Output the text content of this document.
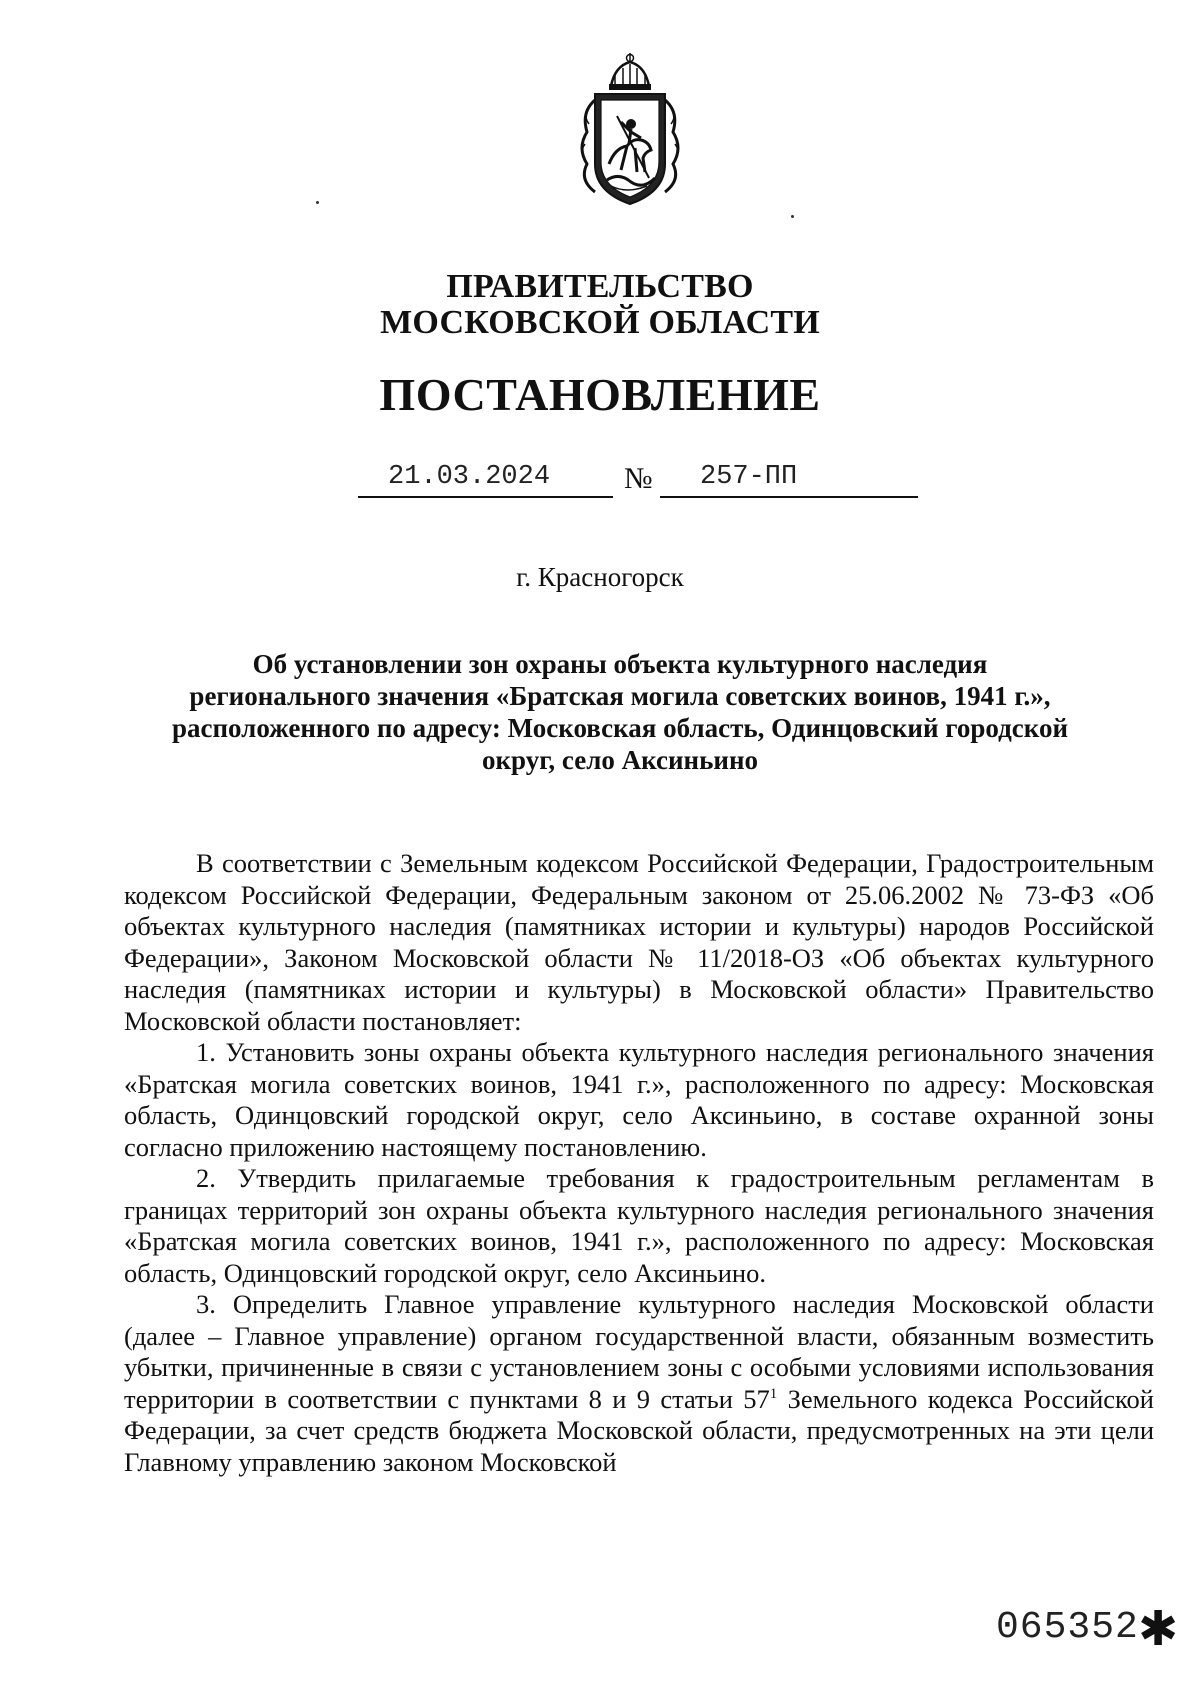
ПРАВИТЕЛЬСТВО
МОСКОВСКОЙ ОБЛАСТИ
ПОСТАНОВЛЕНИЕ
21.03.2024 № 257-ПП
г. Красногорск
Об установлении зон охраны объекта культурного наследия
регионального значения «Братская могила советских воинов, 1941 г.»,
расположенного по адресу: Московская область, Одинцовский городской
округ, село Аксиньино

В соответствии с Земельным кодексом Российской Федерации, Градостроительным кодексом Российской Федерации, Федеральным законом от 25.06.2002 № 73-ФЗ «Об объектах культурного наследия (памятниках истории и культуры) народов Российской Федерации», Законом Московской области № 11/2018-ОЗ «Об объектах культурного наследия (памятниках истории и культуры) в Московской области» Правительство Московской области постановляет:

1. Установить зоны охраны объекта культурного наследия регионального значения «Братская могила советских воинов, 1941 г.», расположенного по адресу: Московская область, Одинцовский городской округ, село Аксиньино, в составе охранной зоны согласно приложению настоящему постановлению.

2. Утвердить прилагаемые требования к градостроительным регламентам в границах территорий зон охраны объекта культурного наследия регионального значения «Братская могила советских воинов, 1941 г.», расположенного по адресу: Московская область, Одинцовский городской округ, село Аксиньино.

3. Определить Главное управление культурного наследия Московской области (далее – Главное управление) органом государственной власти, обязанным возместить убытки, причиненные в связи с установлением зоны с особыми условиями использования территории в соответствии с пунктами 8 и 9 статьи $57^1$ Земельного кодекса Российской Федерации, за счет средств бюджета Московской области, предусмотренных на эти цели Главному управлению законом Московской

065352 ✱
